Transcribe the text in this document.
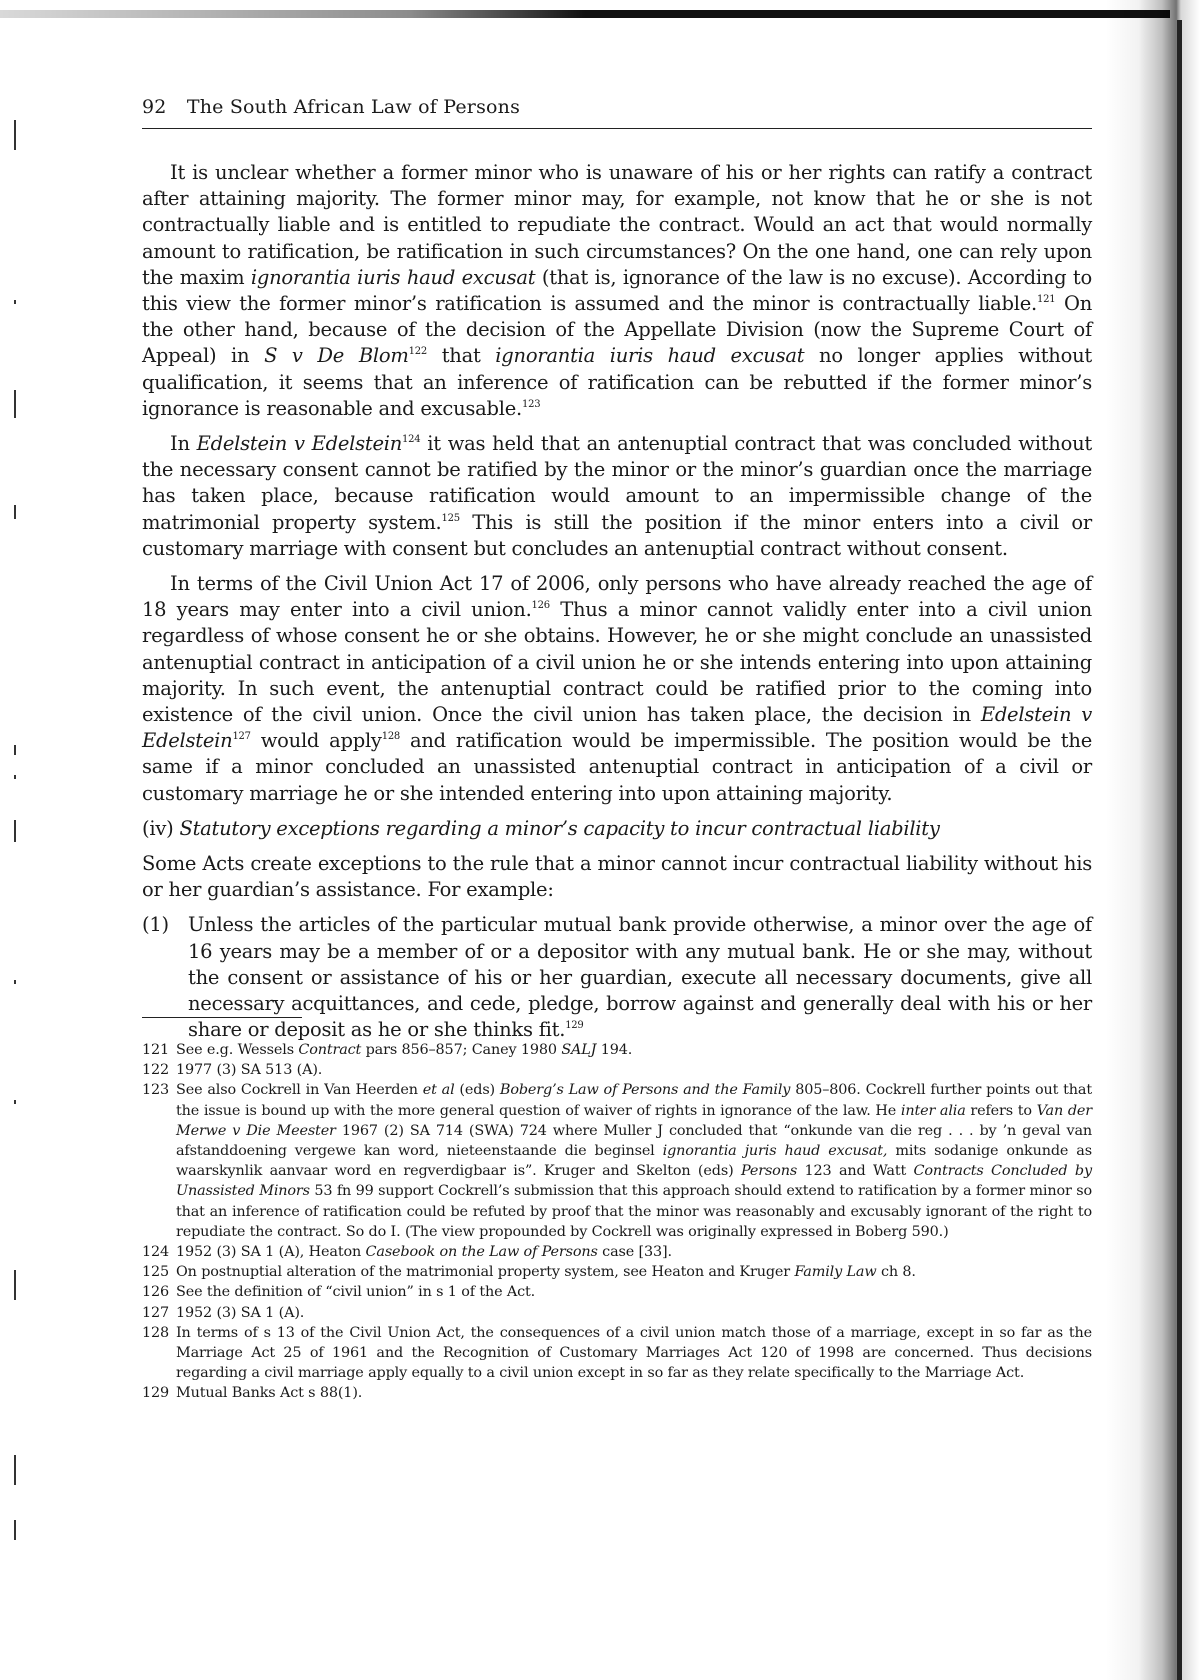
92 The South African Law of Persons

It is unclear whether a former minor who is unaware of his or her rights can ratify a contract after attaining majority. The former minor may, for example, not know that he or she is not contractually liable and is entitled to repudiate the contract. Would an act that would normally amount to ratification, be ratification in such circumstances? On the one hand, one can rely upon the maxim ignorantia iuris haud excusat (that is, ignorance of the law is no excuse). According to this view the former minor’s ratification is assumed and the minor is contractually liable.$^{121}$ On the other hand, because of the decision of the Appellate Division (now the Supreme Court of Appeal) in S v De Blom$^{122}$ that ignorantia iuris haud excusat no longer applies without qualification, it seems that an inference of ratification can be rebutted if the former minor’s ignorance is reasonable and excusable.$^{123}$

In Edelstein v Edelstein$^{124}$ it was held that an antenuptial contract that was concluded without the necessary consent cannot be ratified by the minor or the minor’s guardian once the marriage has taken place, because ratification would amount to an impermissible change of the matrimonial property system.$^{125}$ This is still the position if the minor enters into a civil or customary marriage with consent but concludes an antenuptial contract without consent.

In terms of the Civil Union Act 17 of 2006, only persons who have already reached the age of 18 years may enter into a civil union.$^{126}$ Thus a minor cannot validly enter into a civil union regardless of whose consent he or she obtains. However, he or she might conclude an unassisted antenuptial contract in anticipation of a civil union he or she intends entering into upon attaining majority. In such event, the antenuptial contract could be ratified prior to the coming into existence of the civil union. Once the civil union has taken place, the decision in Edelstein v Edelstein$^{127}$ would apply$^{128}$ and ratification would be impermissible. The position would be the same if a minor concluded an unassisted antenuptial contract in anticipation of a civil or customary marriage he or she intended entering into upon attaining majority.

(iv) Statutory exceptions regarding a minor’s capacity to incur contractual liability

Some Acts create exceptions to the rule that a minor cannot incur contractual liability without his or her guardian’s assistance. For example:

(1) Unless the articles of the particular mutual bank provide otherwise, a minor over the age of 16 years may be a member of or a depositor with any mutual bank. He or she may, without the consent or assistance of his or her guardian, execute all necessary documents, give all necessary acquittances, and cede, pledge, borrow against and generally deal with his or her share or deposit as he or she thinks fit.$^{129}$
121 See e.g. Wessels Contract pars 856–857; Caney 1980 SALJ 194.
122 1977 (3) SA 513 (A).
123 See also Cockrell in Van Heerden et al (eds) Boberg’s Law of Persons and the Family 805–806. Cockrell further points out that the issue is bound up with the more general question of waiver of rights in ignorance of the law. He inter alia refers to Van der Merwe v Die Meester 1967 (2) SA 714 (SWA) 724 where Muller J concluded that “onkunde van die reg . . . by ’n geval van afstanddoening vergewe kan word, nieteenstaande die beginsel ignorantia juris haud excusat, mits sodanige onkunde as waarskynlik aanvaar word en regverdigbaar is”. Kruger and Skelton (eds) Persons 123 and Watt Contracts Concluded by Unassisted Minors 53 fn 99 support Cockrell’s submission that this approach should extend to ratification by a former minor so that an inference of ratification could be refuted by proof that the minor was reasonably and excusably ignorant of the right to repudiate the contract. So do I. (The view propounded by Cockrell was originally expressed in Boberg 590.)
124 1952 (3) SA 1 (A), Heaton Casebook on the Law of Persons case [33].
125 On postnuptial alteration of the matrimonial property system, see Heaton and Kruger Family Law ch 8.
126 See the definition of “civil union” in s 1 of the Act.
127 1952 (3) SA 1 (A).
128 In terms of s 13 of the Civil Union Act, the consequences of a civil union match those of a marriage, except in so far as the Marriage Act 25 of 1961 and the Recognition of Customary Marriages Act 120 of 1998 are concerned. Thus decisions regarding a civil marriage apply equally to a civil union except in so far as they relate specifically to the Marriage Act.
129 Mutual Banks Act s 88(1).
